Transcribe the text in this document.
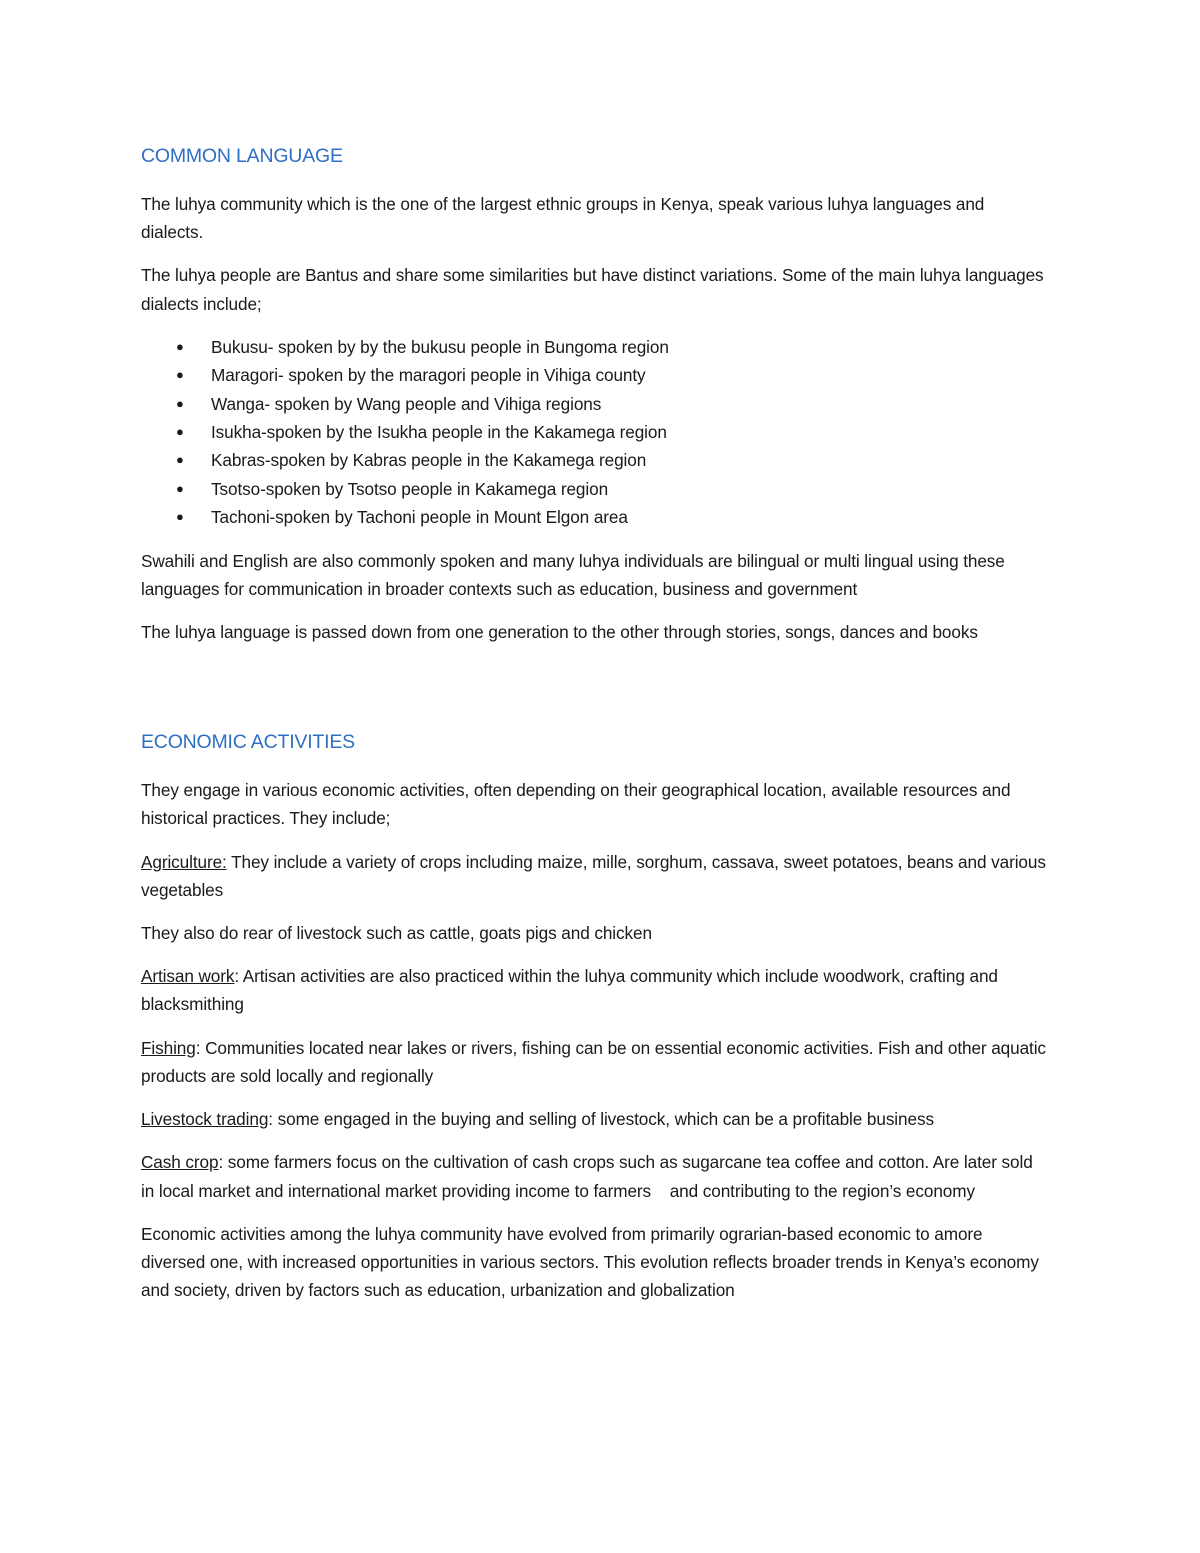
COMMON LANGUAGE

The luhya community which is the one of the largest ethnic groups in Kenya, speak various luhya languages and dialects.

The luhya people are Bantus and share some similarities but have distinct variations. Some of the main luhya languages dialects include;

● Bukusu- spoken by by the bukusu people in Bungoma region
● Maragori- spoken by the maragori people in Vihiga county
● Wanga- spoken by Wang people and Vihiga regions
● Isukha-spoken by the Isukha people in the Kakamega region
● Kabras-spoken by Kabras people in the Kakamega region
● Tsotso-spoken by Tsotso people in Kakamega region
● Tachoni-spoken by Tachoni people in Mount Elgon area

Swahili and English are also commonly spoken and many luhya individuals are bilingual or multi lingual using these languages for communication in broader contexts such as education, business and government

The luhya language is passed down from one generation to the other through stories, songs, dances and books

ECONOMIC ACTIVITIES

They engage in various economic activities, often depending on their geographical location, available resources and historical practices. They include;

Agriculture: They include a variety of crops including maize, mille, sorghum, cassava, sweet potatoes, beans and various vegetables

They also do rear of livestock such as cattle, goats pigs and chicken

Artisan work: Artisan activities are also practiced within the luhya community which include woodwork, crafting and blacksmithing

Fishing: Communities located near lakes or rivers, fishing can be on essential economic activities. Fish and other aquatic products are sold locally and regionally

Livestock trading: some engaged in the buying and selling of livestock, which can be a profitable business

Cash crop: some farmers focus on the cultivation of cash crops such as sugarcane tea coffee and cotton. Are later sold in local market and international market providing income to farmers    and contributing to the region’s economy

Economic activities among the luhya community have evolved from primarily ograrian-based economic to amore diversed one, with increased opportunities in various sectors. This evolution reflects broader trends in Kenya’s economy and society, driven by factors such as education, urbanization and globalization
